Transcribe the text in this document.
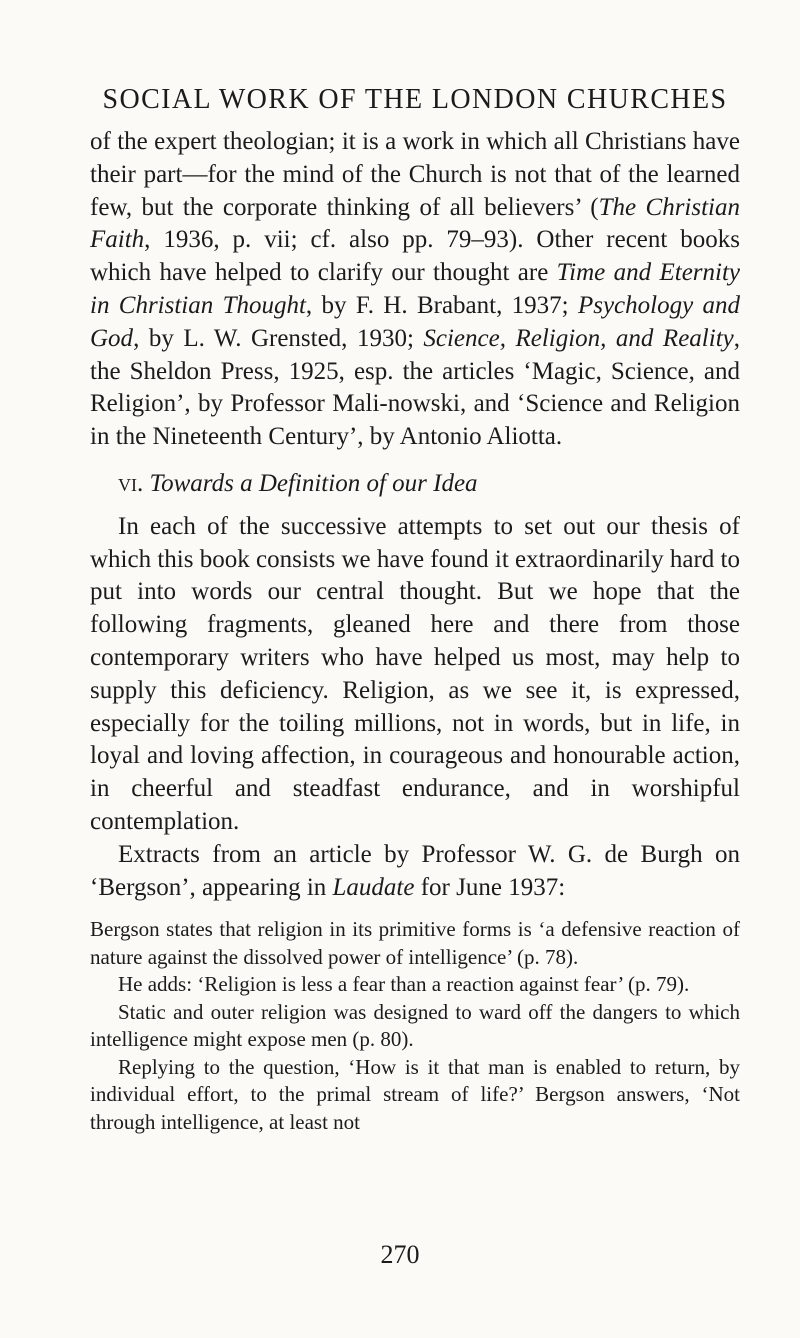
SOCIAL WORK OF THE LONDON CHURCHES

of the expert theologian; it is a work in which all Christians have their part—for the mind of the Church is not that of the learned few, but the corporate thinking of all believers’ (The Christian Faith, 1936, p. vii; cf. also pp. 79–93). Other recent books which have helped to clarify our thought are Time and Eternity in Christian Thought, by F. H. Brabant, 1937; Psychology and God, by L. W. Grensted, 1930; Science, Religion, and Reality, the Sheldon Press, 1925, esp. the articles ‘Magic, Science, and Religion’, by Professor Mali-nowski, and ‘Science and Religion in the Nineteenth Century’, by Antonio Aliotta.

vi. Towards a Definition of our Idea

In each of the successive attempts to set out our thesis of which this book consists we have found it extraordinarily hard to put into words our central thought. But we hope that the following fragments, gleaned here and there from those contemporary writers who have helped us most, may help to supply this deficiency. Religion, as we see it, is expressed, especially for the toiling millions, not in words, but in life, in loyal and loving affection, in courageous and honourable action, in cheerful and steadfast endurance, and in worshipful contemplation.

Extracts from an article by Professor W. G. de Burgh on ‘Bergson’, appearing in Laudate for June 1937:

Bergson states that religion in its primitive forms is ‘a defensive reaction of nature against the dissolved power of intelligence’ (p. 78).

He adds: ‘Religion is less a fear than a reaction against fear’ (p. 79).

Static and outer religion was designed to ward off the dangers to which intelligence might expose men (p. 80).

Replying to the question, ‘How is it that man is enabled to return, by individual effort, to the primal stream of life?’ Bergson answers, ‘Not through intelligence, at least not

270
